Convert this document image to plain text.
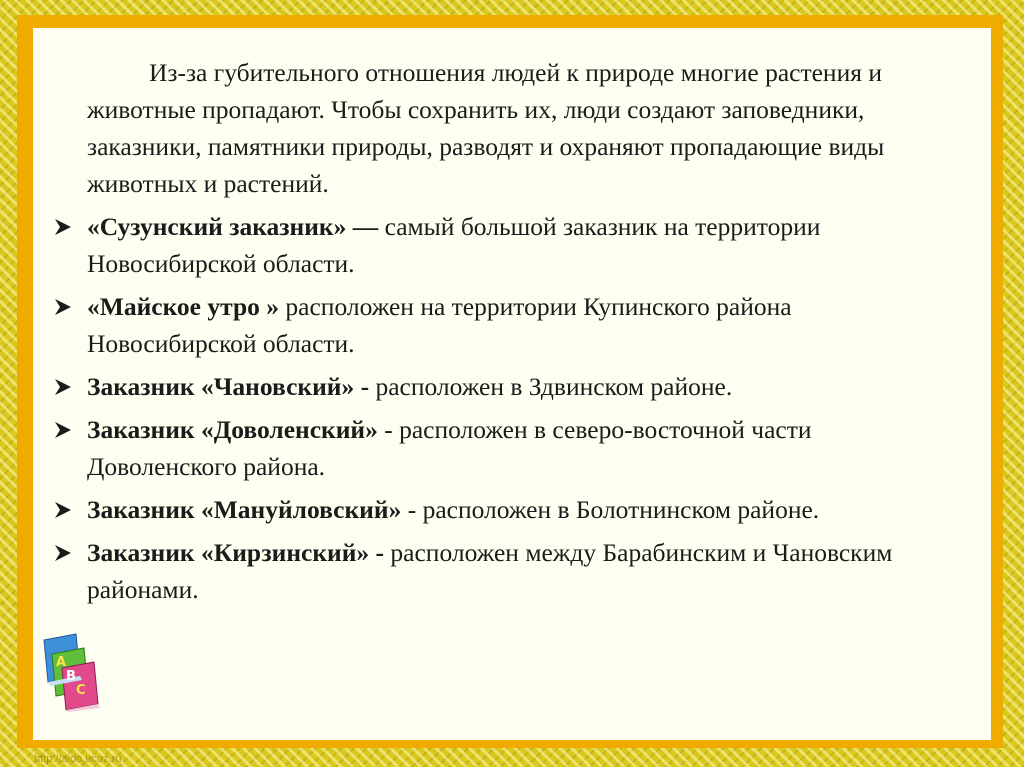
Из-за губительного отношения людей к природе многие растения и животные пропадают. Чтобы сохранить их, люди создают заповедники, заказники, памятники природы, разводят и охраняют пропадающие виды животных и растений.

«Сузунский заказник» — самый большой заказник на территории Новосибирской области.
«Майское утро » расположен на территории Купинского района Новосибирской области.
Заказник «Чановский» - расположен в Здвинском районе.
Заказник «Доволенский» - расположен в северо-восточной части Доволенского района.
Заказник «Мануйловский» - расположен в Болотнинском районе.
Заказник «Кирзинский» - расположен между Барабинским и Чановским районами.
A
B
C
http://aida.ucoz.ru
